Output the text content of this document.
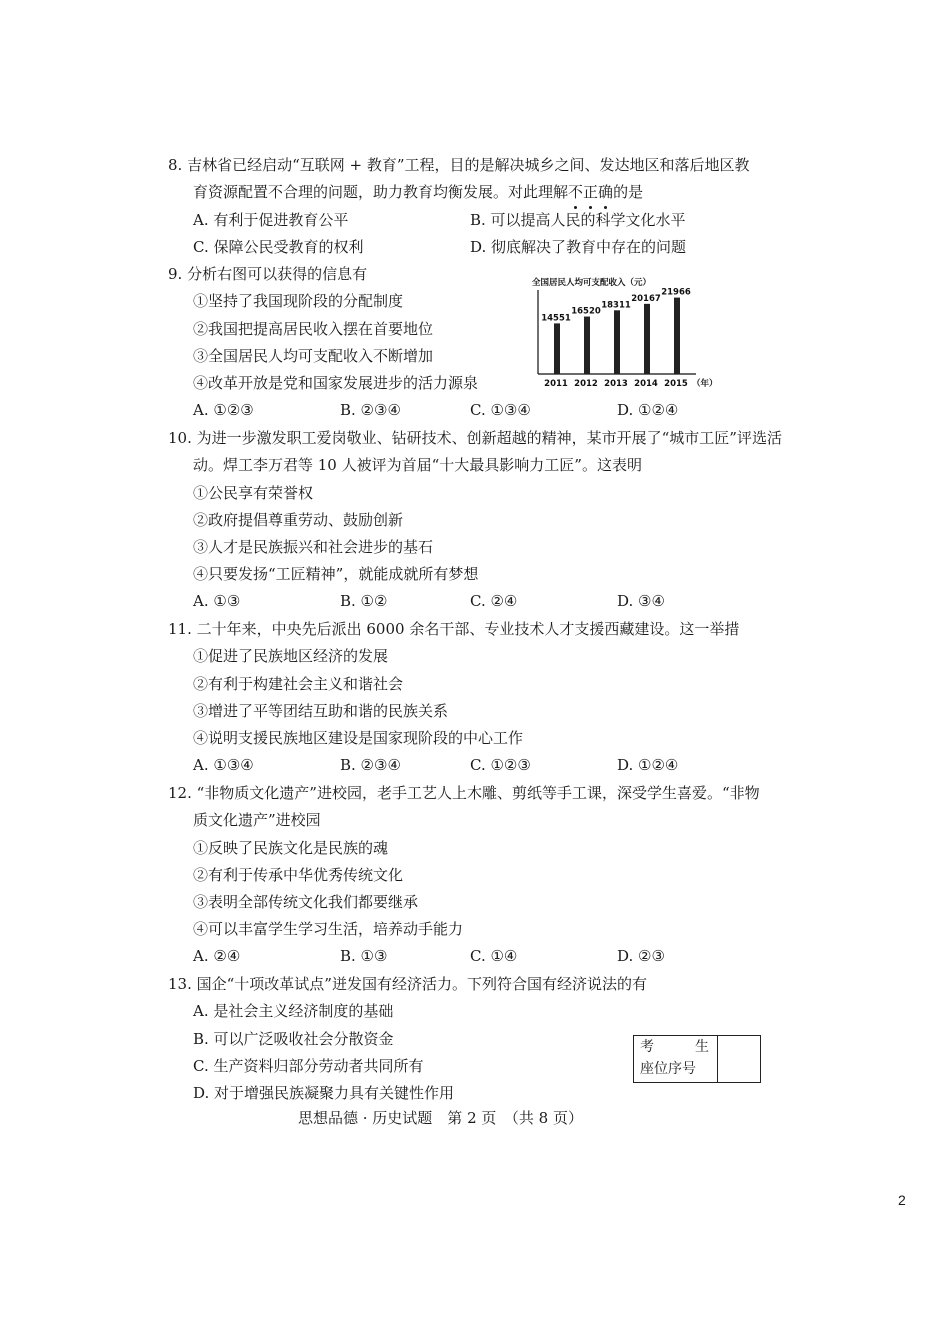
8. 吉林省已经启动“互联网 + 教育”工程，目的是解决城乡之间、发达地区和落后地区教
育资源配置不合理的问题，助力教育均衡发展。对此理解不正确的是
A. 有利于促进教育公平	B. 可以提高人民的科学文化水平
C. 保障公民受教育的权利	D. 彻底解决了教育中存在的问题
9. 分析右图可以获得的信息有
①坚持了我国现阶段的分配制度
②我国把提高居民收入摆在首要地位
③全国居民人均可支配收入不断增加
④改革开放是党和国家发展进步的活力源泉
A. ①②③	B. ②③④	C. ①③④	D. ①②④
全国居民人均可支配收入（元）
14551
2011
16520
2012
18311
2013
20167
2014
21966
2015 （年）
10. 为进一步激发职工爱岗敬业、钻研技术、创新超越的精神，某市开展了“城市工匠”评选活
动。焊工李万君等 10 人被评为首届“十大最具影响力工匠”。这表明
①公民享有荣誉权
②政府提倡尊重劳动、鼓励创新
③人才是民族振兴和社会进步的基石
④只要发扬“工匠精神”，就能成就所有梦想
A. ①③	B. ①②	C. ②④	D. ③④
11. 二十年来，中央先后派出 6000 余名干部、专业技术人才支援西藏建设。这一举措
①促进了民族地区经济的发展
②有利于构建社会主义和谐社会
③增进了平等团结互助和谐的民族关系
④说明支援民族地区建设是国家现阶段的中心工作
A. ①③④	B. ②③④	C. ①②③	D. ①②④
12. “非物质文化遗产”进校园，老手工艺人上木雕、剪纸等手工课，深受学生喜爱。“非物
质文化遗产”进校园
①反映了民族文化是民族的魂
②有利于传承中华优秀传统文化
③表明全部传统文化我们都要继承
④可以丰富学生学习生活，培养动手能力
A. ②④	B. ①③	C. ①④	D. ②③
13. 国企“十项改革试点”迸发国有经济活力。下列符合国有经济说法的有
A. 是社会主义经济制度的基础
B. 可以广泛吸收社会分散资金
C. 生产资料归部分劳动者共同所有
D. 对于增强民族凝聚力具有关键性作用
考	生
座位序号
思想品德 · 历史试题　第 2 页　（共 8 页）
2
